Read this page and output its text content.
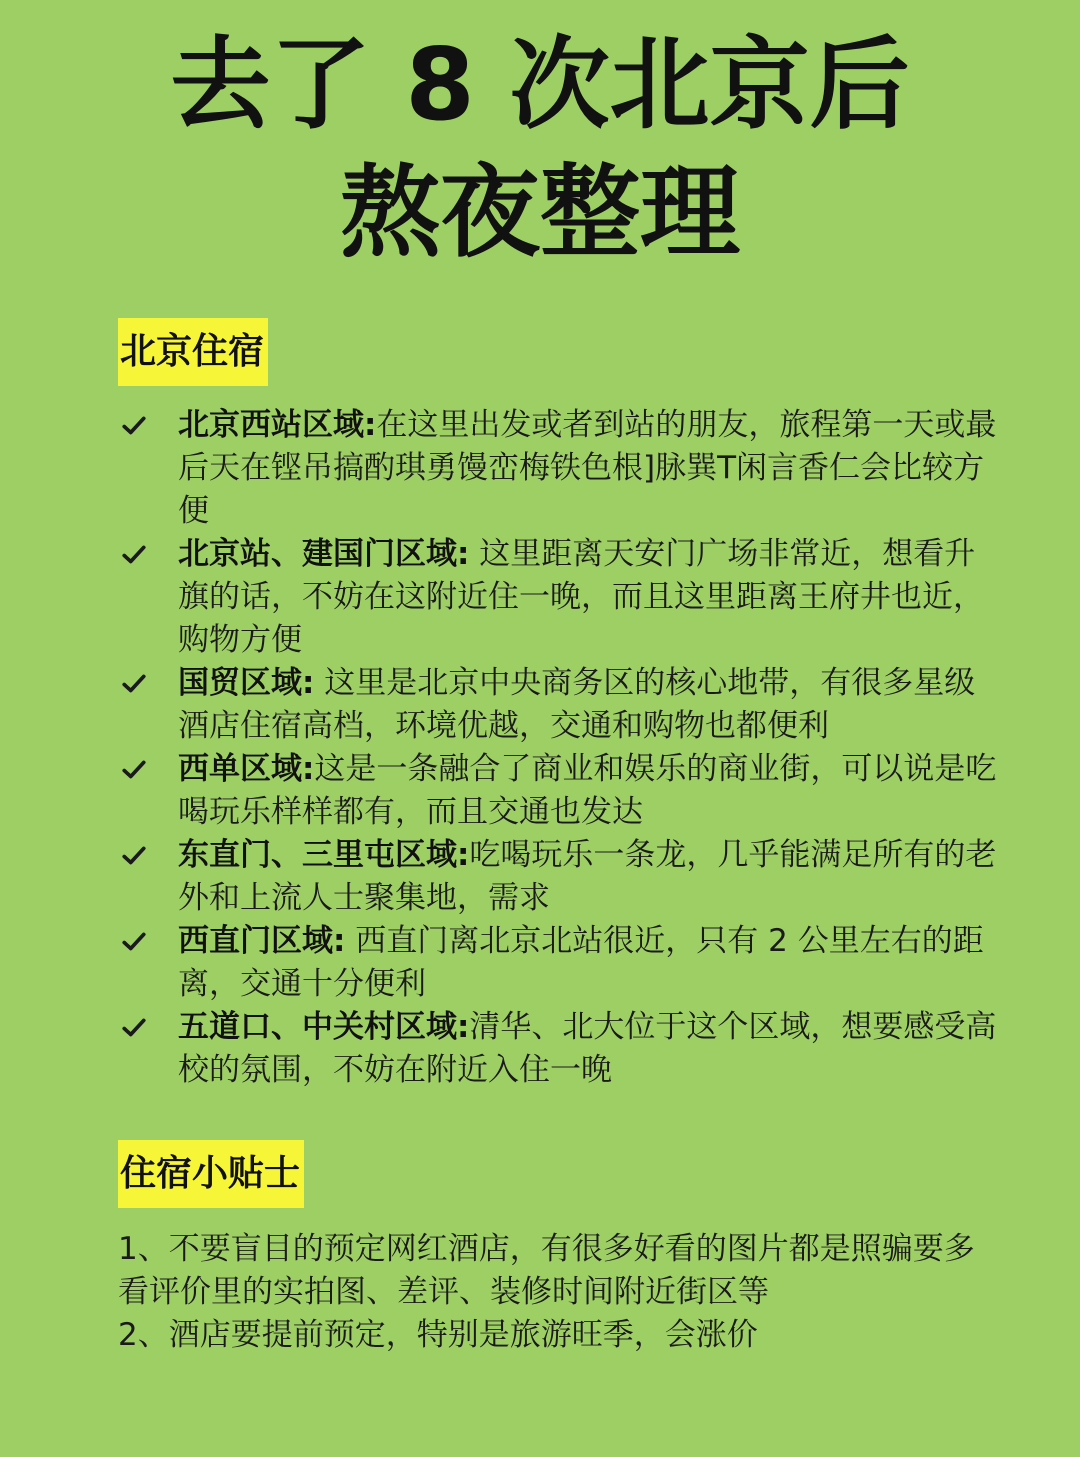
去了 8 次北京后
熬夜整理
北京住宿
北京西站区域:在这里出发或者到站的朋友，旅程第一天或最后天在铿吊搞酌琪勇馒峦梅铁色根]脉巽T闲言香仁会比较方便
北京站、建国门区域: 这里距离天安门广场非常近，想看升旗的话，不妨在这附近住一晚，而且这里距离王府井也近，购物方便
国贸区域: 这里是北京中央商务区的核心地带，有很多星级酒店住宿高档，环境优越，交通和购物也都便利
西单区域:这是一条融合了商业和娱乐的商业街，可以说是吃喝玩乐样样都有，而且交通也发达
东直门、三里屯区域:吃喝玩乐一条龙，几乎能满足所有的老外和上流人士聚集地，需求
西直门区域: 西直门离北京北站很近，只有 2 公里左右的距离，交通十分便利
五道口、中关村区域:清华、北大位于这个区域，想要感受高校的氛围，不妨在附近入住一晚
住宿小贴士

1、不要盲目的预定网红酒店，有很多好看的图片都是照骗要多看评价里的实拍图、差评、装修时间附近街区等

2、酒店要提前预定，特别是旅游旺季，会涨价
